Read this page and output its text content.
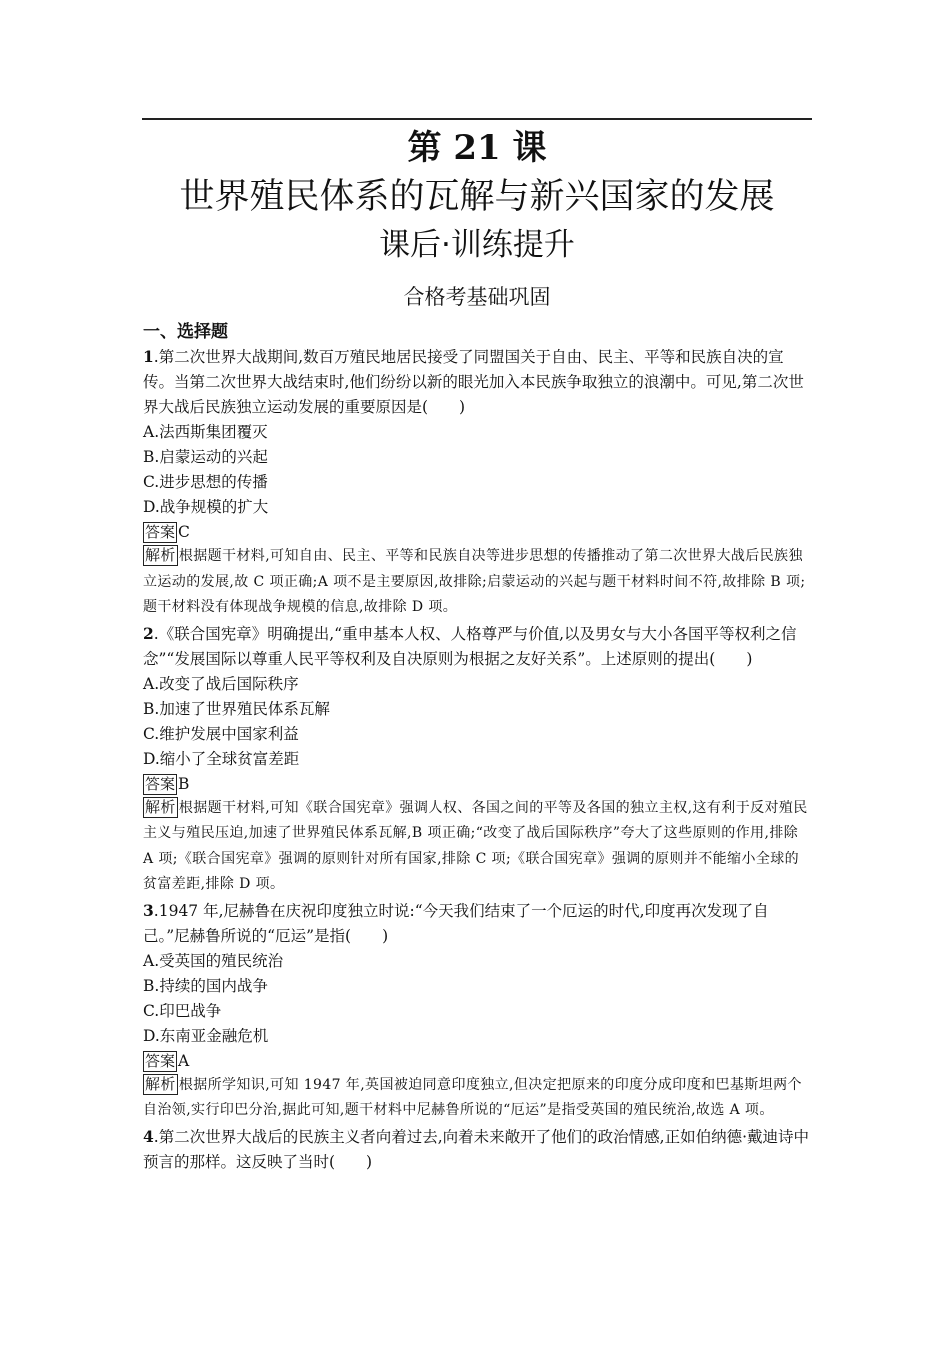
第 21 课
世界殖民体系的瓦解与新兴国家的发展
课后·训练提升
合格考基础巩固
一、选择题

1.第二次世界大战期间,数百万殖民地居民接受了同盟国关于自由、民主、平等和民族自决的宣传。当第二次世界大战结束时,他们纷纷以新的眼光加入本民族争取独立的浪潮中。可见,第二次世界大战后民族独立运动发展的重要原因是(　　)

A.法西斯集团覆灭

B.启蒙运动的兴起

C.进步思想的传播

D.战争规模的扩大

答案 C

解析 根据题干材料,可知自由、民主、平等和民族自决等进步思想的传播推动了第二次世界大战后民族独立运动的发展,故 C 项正确;A 项不是主要原因,故排除;启蒙运动的兴起与题干材料时间不符,故排除 B 项;题干材料没有体现战争规模的信息,故排除 D 项。

2.《联合国宪章》明确提出,“重申基本人权、人格尊严与价值,以及男女与大小各国平等权利之信念”“发展国际以尊重人民平等权利及自决原则为根据之友好关系”。上述原则的提出(　　)

A.改变了战后国际秩序

B.加速了世界殖民体系瓦解

C.维护发展中国家利益

D.缩小了全球贫富差距

答案 B

解析 根据题干材料,可知《联合国宪章》强调人权、各国之间的平等及各国的独立主权,这有利于反对殖民主义与殖民压迫,加速了世界殖民体系瓦解,B 项正确;“改变了战后国际秩序”夸大了这些原则的作用,排除 A 项;《联合国宪章》强调的原则针对所有国家,排除 C 项;《联合国宪章》强调的原则并不能缩小全球的贫富差距,排除 D 项。

3.1947 年,尼赫鲁在庆祝印度独立时说:“今天我们结束了一个厄运的时代,印度再次发现了自己。”尼赫鲁所说的“厄运”是指(　　)

A.受英国的殖民统治

B.持续的国内战争

C.印巴战争

D.东南亚金融危机

答案 A

解析 根据所学知识,可知 1947 年,英国被迫同意印度独立,但决定把原来的印度分成印度和巴基斯坦两个自治领,实行印巴分治,据此可知,题干材料中尼赫鲁所说的“厄运”是指受英国的殖民统治,故选 A 项。

4.第二次世界大战后的民族主义者向着过去,向着未来敞开了他们的政治情感,正如伯纳德·戴迪诗中预言的那样。这反映了当时(　　)
